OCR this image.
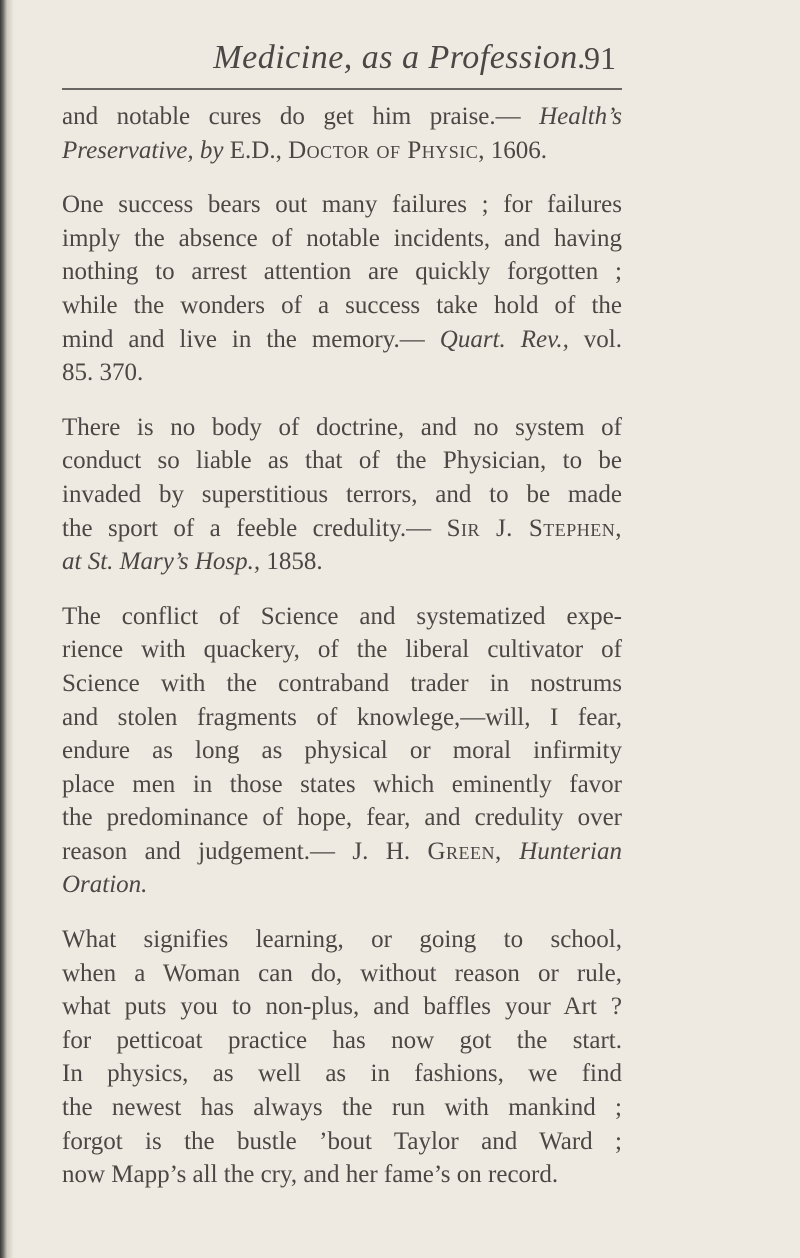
Medicine, as a Profession.
91
and notable cures do get him praise.— Health’s
Preservative, by E.D., Doctor of Physic, 1606.
One success bears out many failures ; for failures
imply the absence of notable incidents, and having
nothing to arrest attention are quickly forgotten ;
while the wonders of a success take hold of the
mind and live in the memory.— Quart. Rev., vol.
85. 370.
There is no body of doctrine, and no system of
conduct so liable as that of the Physician, to be
invaded by superstitious terrors, and to be made
the sport of a feeble credulity.— Sir J. Stephen,
at St. Mary’s Hosp., 1858.
The conflict of Science and systematized expe-
rience with quackery, of the liberal cultivator of
Science with the contraband trader in nostrums
and stolen fragments of knowlege,—will, I fear,
endure as long as physical or moral infirmity
place men in those states which eminently favor
the predominance of hope, fear, and credulity over
reason and judgement.— J. H. Green, Hunterian
Oration.
What signifies learning, or going to school,
when a Woman can do, without reason or rule,
what puts you to non-plus, and baffles your Art ?
for petticoat practice has now got the start.
In physics, as well as in fashions, we find
the newest has always the run with mankind ;
forgot is the bustle ’bout Taylor and Ward ;
now Mapp’s all the cry, and her fame’s on record.
